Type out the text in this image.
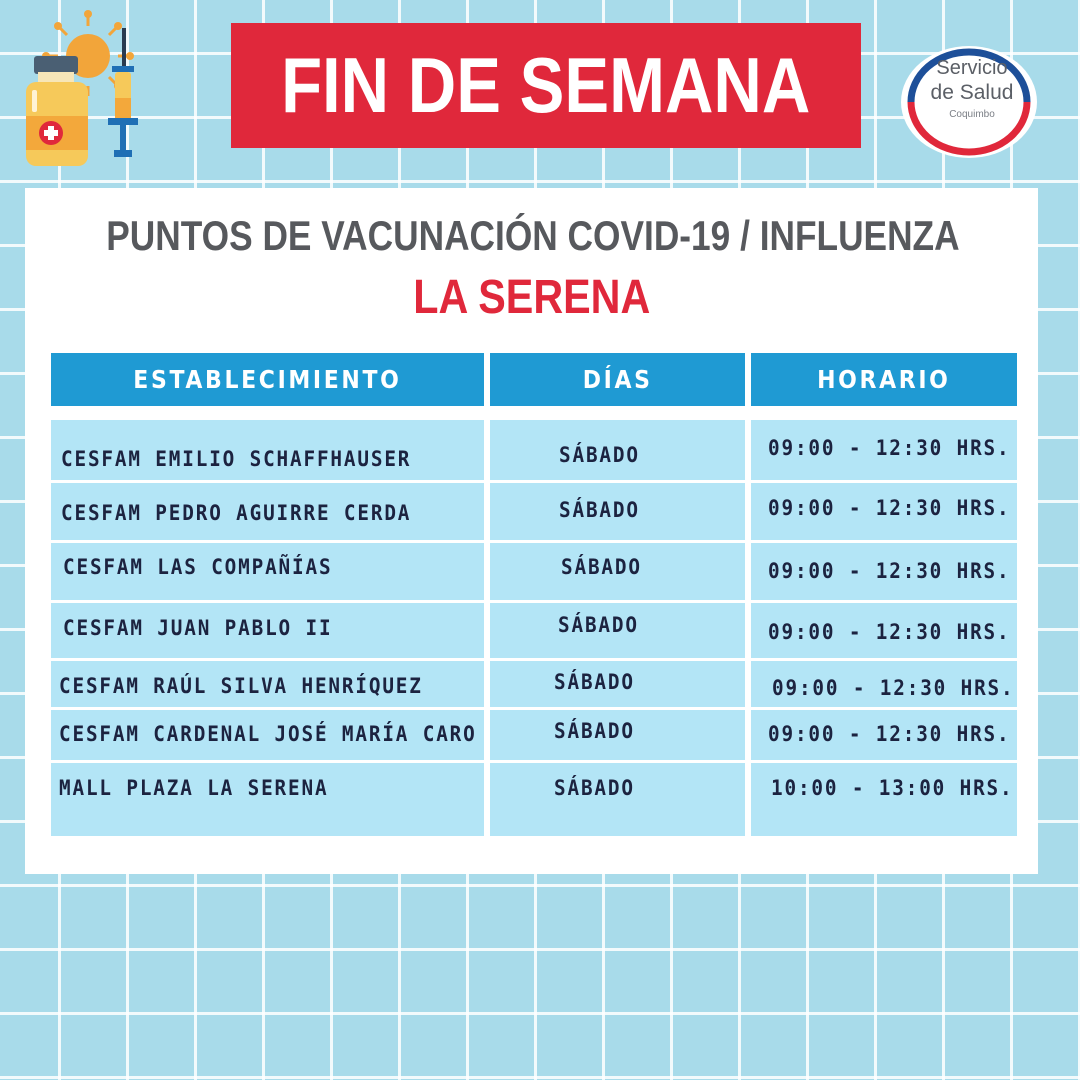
FIN DE SEMANA	Servicio
de Salud
Coquimbo
PUNTOS DE VACUNACIÓN COVID-19 / INFLUENZA
LA SERENA
ESTABLECIMIENTO	DÍAS	HORARIO
CESFAM EMILIO SCHAFFHAUSER	SÁBADO	09:00 - 12:30 HRS.
CESFAM PEDRO AGUIRRE CERDA	SÁBADO	09:00 - 12:30 HRS.
CESFAM LAS COMPAÑÍAS	SÁBADO	09:00 - 12:30 HRS.
CESFAM JUAN PABLO II	SÁBADO	09:00 - 12:30 HRS.
CESFAM RAÚL SILVA HENRÍQUEZ	SÁBADO	09:00 - 12:30 HRS.
CESFAM CARDENAL JOSÉ MARÍA CARO	SÁBADO	09:00 - 12:30 HRS.
MALL PLAZA LA SERENA	SÁBADO	10:00 - 13:00 HRS.
